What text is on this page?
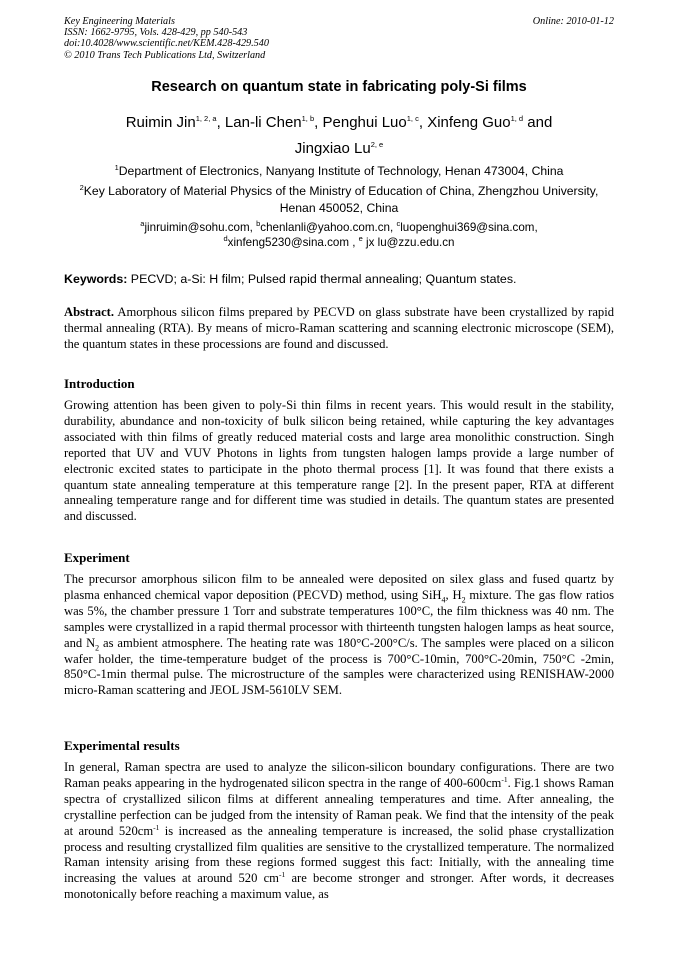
Key Engineering Materials
ISSN: 1662-9795, Vols. 428-429, pp 540-543
doi:10.4028/www.scientific.net/KEM.428-429.540
© 2010 Trans Tech Publications Ltd, Switzerland
Online: 2010-01-12
Research on quantum state in fabricating poly-Si films
Ruimin Jin$^{1, 2, a}$, Lan-li Chen$^{1, b}$, Penghui Luo$^{1, c}$, Xinfeng Guo$^{1, d}$ and
Jingxiao Lu$^{2, e}$
$^1$Department of Electronics, Nanyang Institute of Technology, Henan 473004, China
$^2$Key Laboratory of Material Physics of the Ministry of Education of China, Zhengzhou University, Henan 450052, China
$^a$jinruimin@sohu.com, $^b$chenlanli@yahoo.com.cn, $^c$luopenghui369@sina.com,
$^d$xinfeng5230@sina.com , $^e$ jx lu@zzu.edu.cn
Keywords: PECVD; a-Si: H film; Pulsed rapid thermal annealing; Quantum states.
Abstract. Amorphous silicon films prepared by PECVD on glass substrate have been crystallized by rapid thermal annealing (RTA). By means of micro-Raman scattering and scanning electronic microscope (SEM), the quantum states in these processions are found and discussed.
Introduction
Growing attention has been given to poly-Si thin films in recent years. This would result in the stability, durability, abundance and non-toxicity of bulk silicon being retained, while capturing the key advantages associated with thin films of greatly reduced material costs and large area monolithic construction. Singh reported that UV and VUV Photons in lights from tungsten halogen lamps provide a large number of electronic excited states to participate in the photo thermal process [1]. It was found that there exists a quantum state annealing temperature at this temperature range [2]. In the present paper, RTA at different annealing temperature range and for different time was studied in details. The quantum states are presented and discussed.
Experiment
The precursor amorphous silicon film to be annealed were deposited on silex glass and fused quartz by plasma enhanced chemical vapor deposition (PECVD) method, using SiH$_4$, $H_2$ mixture. The gas flow ratios was 5%, the chamber pressure 1 Torr and substrate temperatures 100°C, the film thickness was 40 nm. The samples were crystallized in a rapid thermal processor with thirteenth tungsten halogen lamps as heat source, and $N_2$ as ambient atmosphere. The heating rate was 180°C-200°C/s. The samples were placed on a silicon wafer holder, the time-temperature budget of the process is 700°C-10min, 700°C-20min, 750°C -2min, 850°C-1min thermal pulse. The microstructure of the samples were characterized using RENISHAW-2000 micro-Raman scattering and JEOL JSM-5610LV SEM.
Experimental results
In general, Raman spectra are used to analyze the silicon-silicon boundary configurations. There are two Raman peaks appearing in the hydrogenated silicon spectra in the range of $400-600cm^{-1}$. Fig.1 shows Raman spectra of crystallized silicon films at different annealing temperatures and time. After annealing, the crystalline perfection can be judged from the intensity of Raman peak. We find that the intensity of the peak at around $520cm^{-1}$ is increased as the annealing temperature is increased, the solid phase crystallization process and resulting crystallized film qualities are sensitive to the crystallized temperature. The normalized Raman intensity arising from these regions formed suggest this fact: Initially, with the annealing time increasing the values at around 520 $cm^{-1}$ are become stronger and stronger. After words, it decreases monotonically before reaching a maximum value, as
